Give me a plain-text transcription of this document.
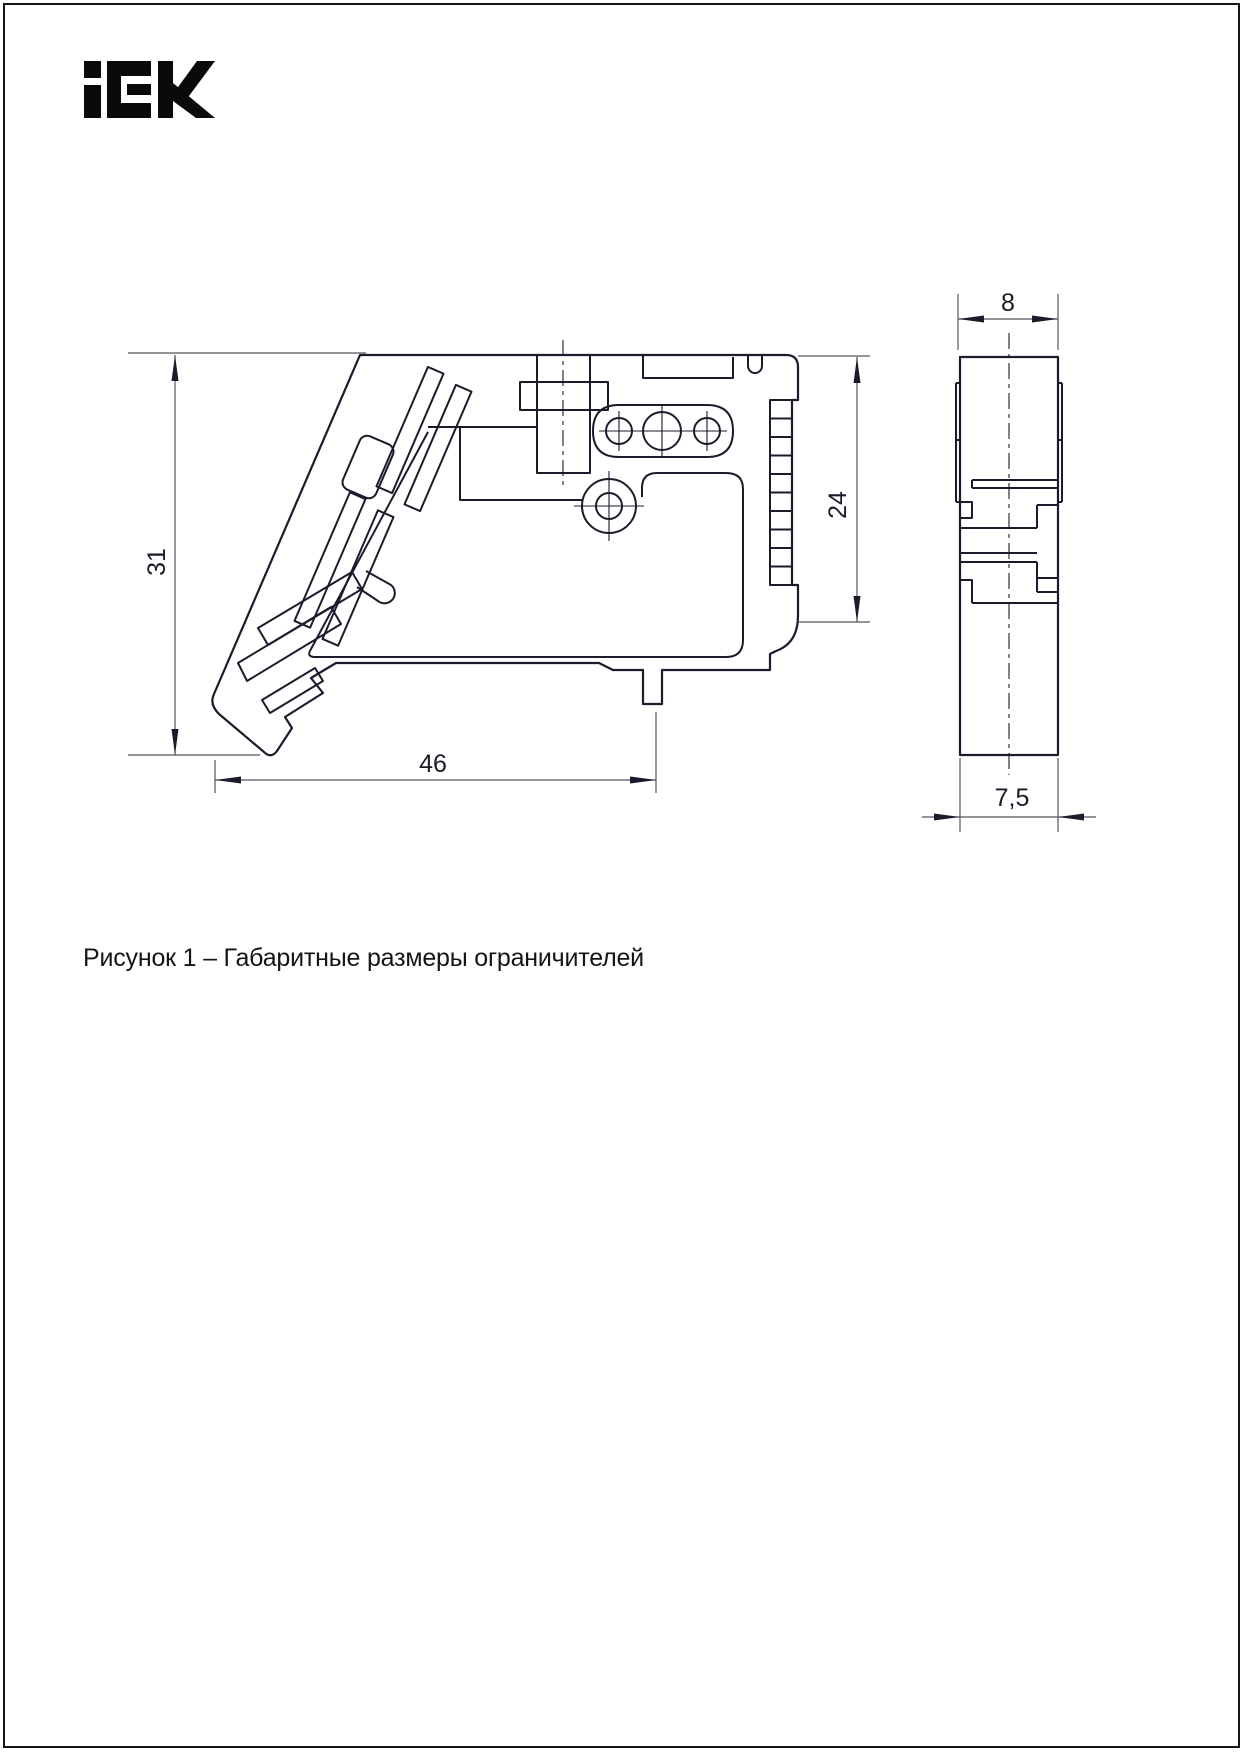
31
46
24
8
7,5
Рисунок 1 – Габаритные размеры ограничителей
